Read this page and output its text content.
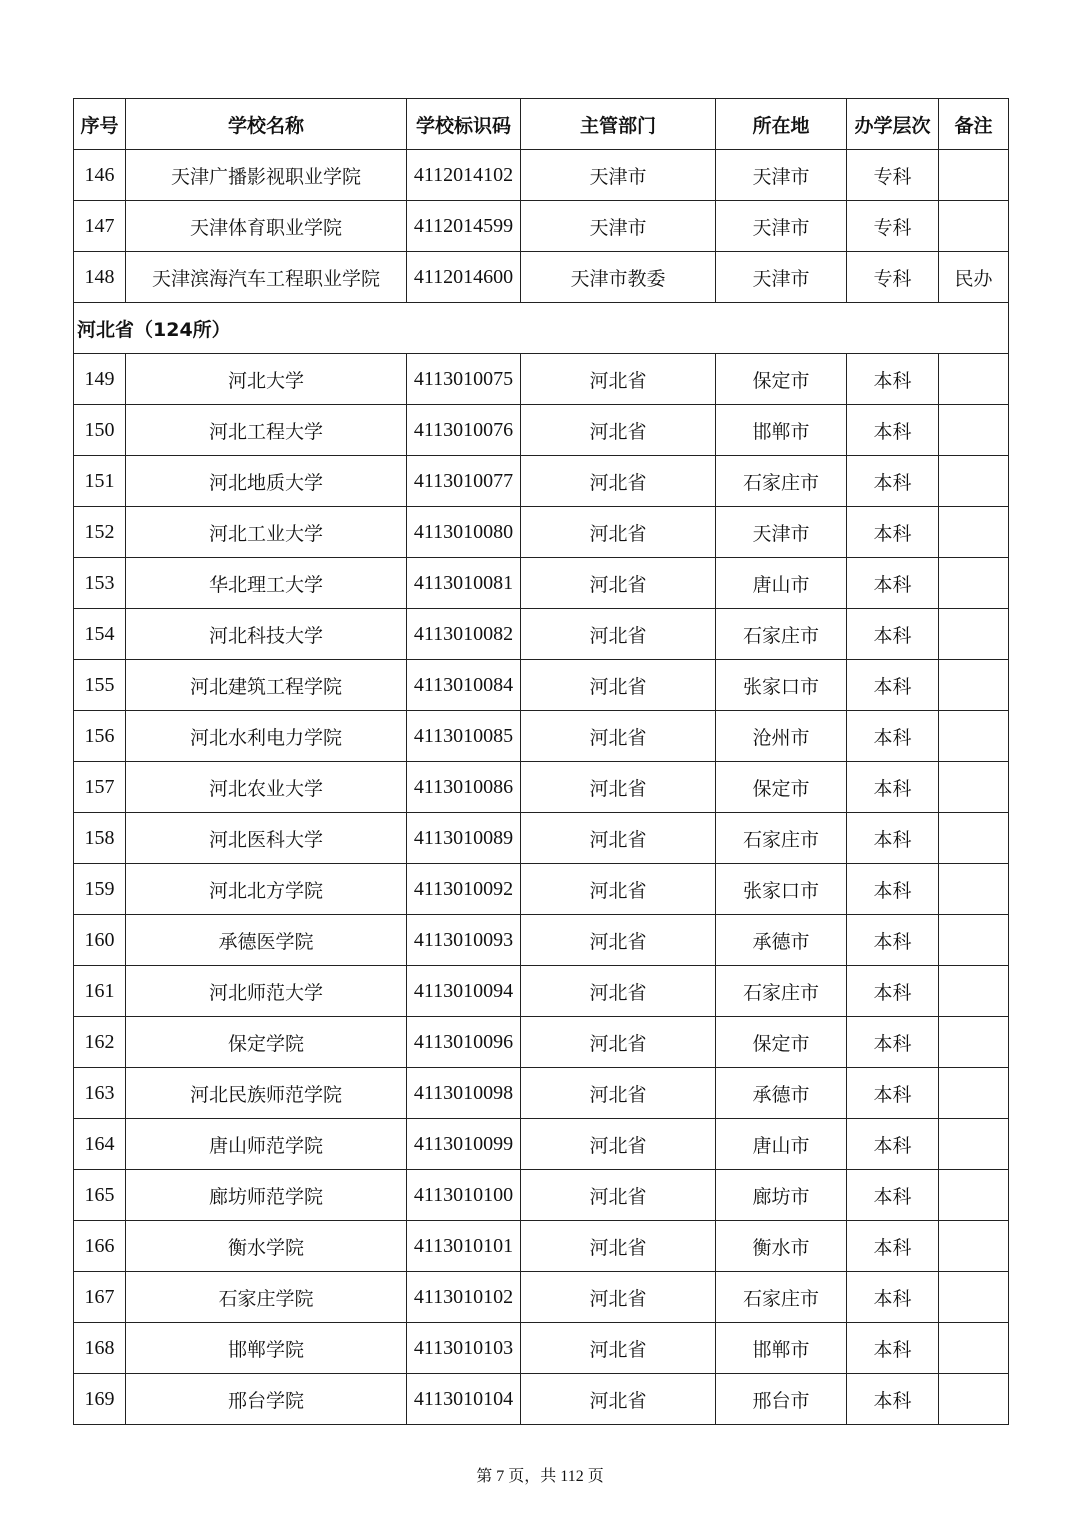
序号	学校名称	学校标识码	主管部门	所在地	办学层次	备注
146	天津广播影视职业学院	4112014102	天津市	天津市	专科	
147	天津体育职业学院	4112014599	天津市	天津市	专科	
148	天津滨海汽车工程职业学院	4112014600	天津市教委	天津市	专科	民办
河北省（124所）						
149	河北大学	4113010075	河北省	保定市	本科	
150	河北工程大学	4113010076	河北省	邯郸市	本科	
151	河北地质大学	4113010077	河北省	石家庄市	本科	
152	河北工业大学	4113010080	河北省	天津市	本科	
153	华北理工大学	4113010081	河北省	唐山市	本科	
154	河北科技大学	4113010082	河北省	石家庄市	本科	
155	河北建筑工程学院	4113010084	河北省	张家口市	本科	
156	河北水利电力学院	4113010085	河北省	沧州市	本科	
157	河北农业大学	4113010086	河北省	保定市	本科	
158	河北医科大学	4113010089	河北省	石家庄市	本科	
159	河北北方学院	4113010092	河北省	张家口市	本科	
160	承德医学院	4113010093	河北省	承德市	本科	
161	河北师范大学	4113010094	河北省	石家庄市	本科	
162	保定学院	4113010096	河北省	保定市	本科	
163	河北民族师范学院	4113010098	河北省	承德市	本科	
164	唐山师范学院	4113010099	河北省	唐山市	本科	
165	廊坊师范学院	4113010100	河北省	廊坊市	本科	
166	衡水学院	4113010101	河北省	衡水市	本科	
167	石家庄学院	4113010102	河北省	石家庄市	本科	
168	邯郸学院	4113010103	河北省	邯郸市	本科	
169	邢台学院	4113010104	河北省	邢台市	本科	
第 7 页，共 112 页
